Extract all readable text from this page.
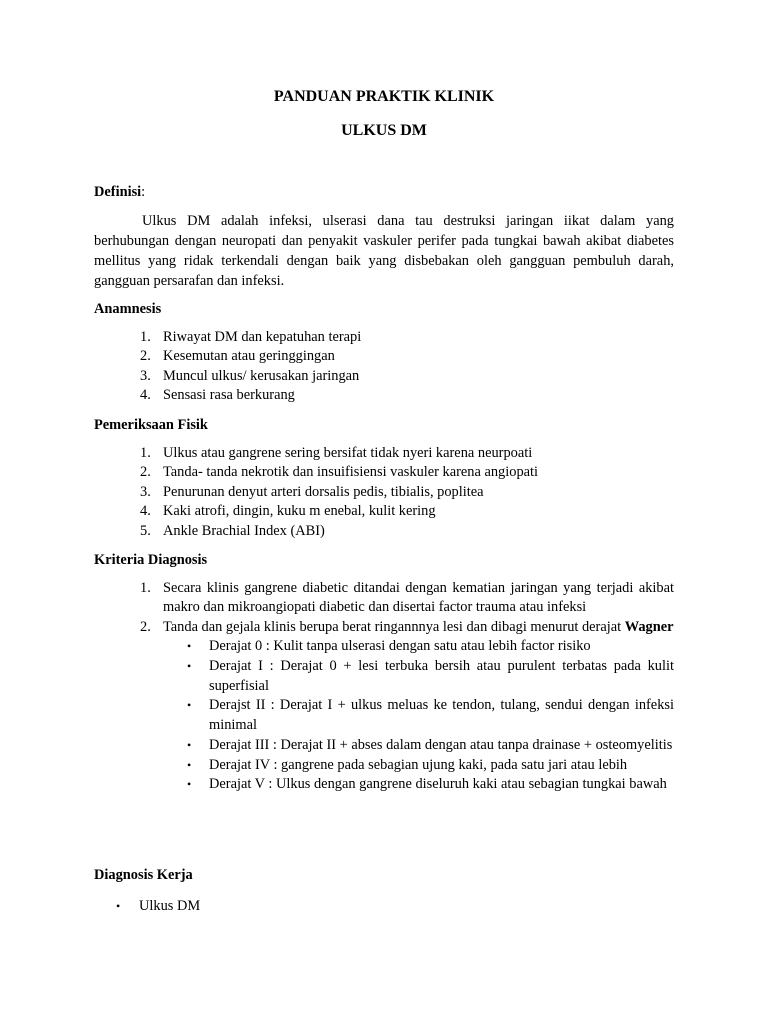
PANDUAN PRAKTIK KLINIK
ULKUS DM

Definisi:

Ulkus DM adalah infeksi, ulserasi dana tau destruksi jaringan iikat dalam yang berhubungan dengan neuropati dan penyakit vaskuler perifer pada tungkai bawah akibat diabetes mellitus yang ridak terkendali dengan baik yang disbebakan oleh gangguan pembuluh darah, gangguan persarafan dan infeksi.

Anamnesis

1. Riwayat DM dan kepatuhan terapi
2. Kesemutan atau geringgingan
3. Muncul ulkus/ kerusakan jaringan
4. Sensasi rasa berkurang

Pemeriksaan Fisik

1. Ulkus atau gangrene sering bersifat tidak nyeri karena neurpoati
2. Tanda- tanda nekrotik dan insuifisiensi vaskuler karena angiopati
3. Penurunan denyut arteri dorsalis pedis, tibialis, poplitea
4. Kaki atrofi, dingin, kuku m enebal, kulit kering
5. Ankle Brachial Index (ABI)

Kriteria Diagnosis

1. Secara klinis gangrene diabetic ditandai dengan kematian jaringan yang terjadi akibat makro dan mikroangiopati diabetic dan disertai factor trauma atau infeksi
2. Tanda dan gejala klinis berupa berat ringannnya lesi dan dibagi menurut derajat Wagner
• Derajat 0 : Kulit tanpa ulserasi dengan satu atau lebih factor risiko
• Derajat I : Derajat 0 + lesi terbuka bersih atau purulent terbatas pada kulit superfisial
• Derajst II : Derajat I + ulkus meluas ke tendon, tulang, sendui dengan infeksi minimal
• Derajat III : Derajat II + abses dalam dengan atau tanpa drainase + osteomyelitis
• Derajat IV : gangrene pada sebagian ujung kaki, pada satu jari atau lebih
• Derajat V : Ulkus dengan gangrene diseluruh kaki atau sebagian tungkai bawah

Diagnosis Kerja

• Ulkus DM
